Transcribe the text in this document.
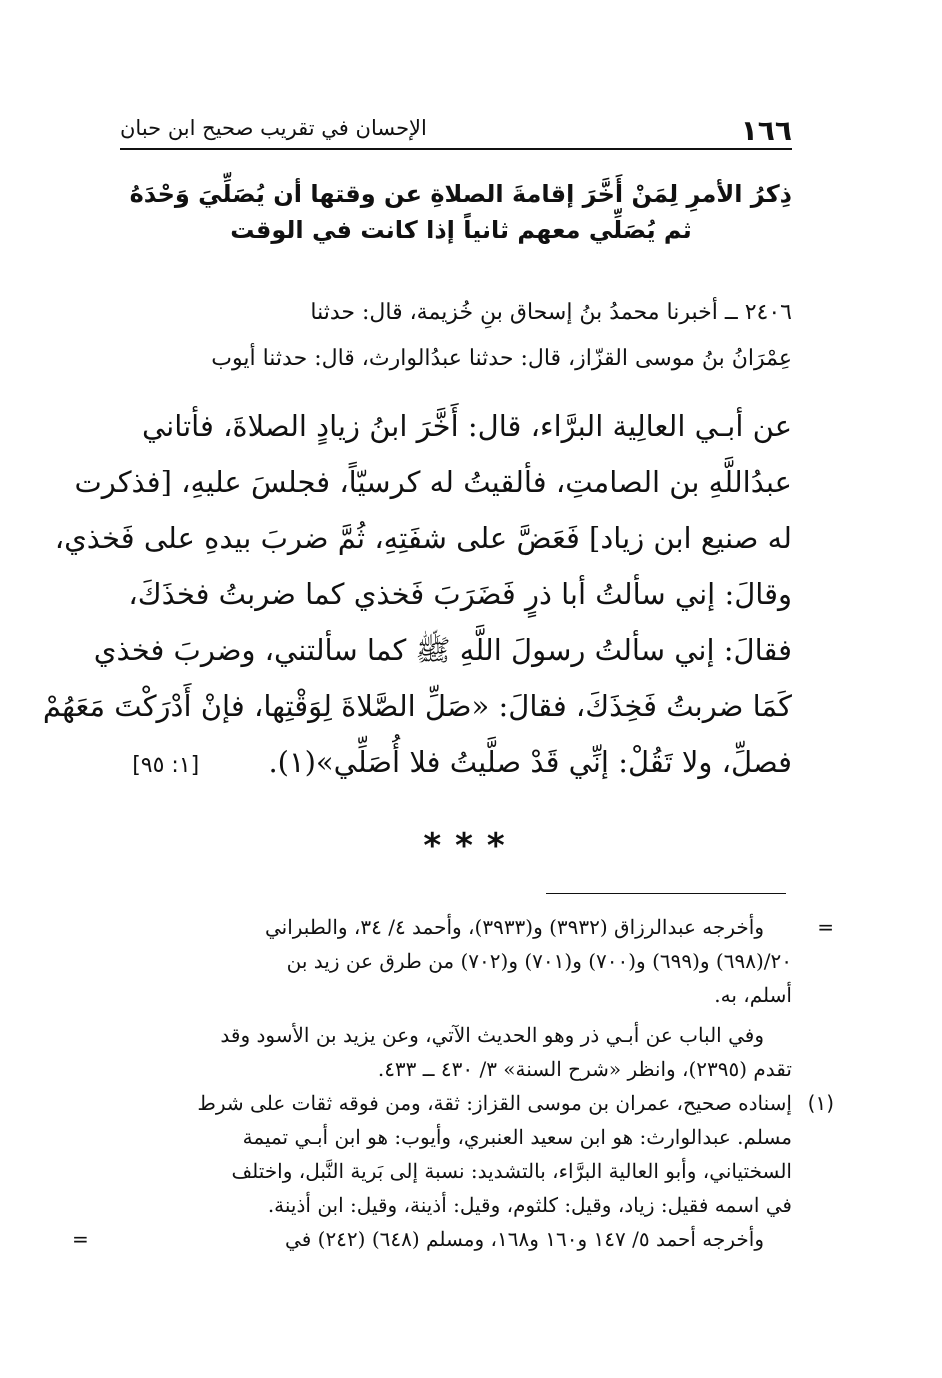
١٦٦
الإحسان في تقريب صحيح ابن حبان
ذِكرُ الأمرِ لِمَنْ أَخَّرَ إقامةَ الصلاةِ عن وقتها أن يُصَلِّيَ وَحْدَهُ
ثم يُصَلِّي معهم ثانياً إذا كانت في الوقت
٢٤٠٦ ــ أخبرنا محمدُ بنُ إسحاق بنِ خُزيمة، قال: حدثنا
عِمْرَانُ بنُ موسى القزّاز، قال: حدثنا عبدُالوارث، قال: حدثنا أيوب
عن أبـي العالِية البرَّاء، قال: أَخَّرَ ابنُ زيادٍ الصلاةَ، فأتاني
عبدُاللَّهِ بن الصامتِ، فألقيتُ له كرسيّاً، فجلسَ عليهِ، [فذكرت
له صنيع ابن زياد] فَعَضَّ على شفَتِهِ، ثُمَّ ضربَ بيدهِ على فَخذي،
وقالَ: إني سألتُ أبا ذرٍ فَضَرَبَ فَخذي كما ضربتُ فخذَكَ،
فقالَ: إني سألتُ رسولَ اللَّهِ ﷺ كما سألتني، وضربَ فخذي
كَمَا ضربتُ فَخِذَكَ، فقالَ: «صَلِّ الصَّلاةَ لِوَقْتِها، فإنْ أَدْرَكْتَ مَعَهُمْ
فصلِّ، ولا تَقُلْ: إنِّي قَدْ صلَّيتُ فلا أُصَلِّي»(١). [١: ٩٥]
***
=
وأخرجه عبدالرزاق (٣٩٣٢) و(٣٩٣٣)، وأحمد ٤/ ٣٤، والطبراني
٢٠/(٦٩٨) و(٦٩٩) و(٧٠٠) و(٧٠١) و(٧٠٢) من طرق عن زيد بن
أسلم، به.
وفي الباب عن أبـي ذر وهو الحديث الآتي، وعن يزيد بن الأسود وقد
تقدم (٢٣٩٥)، وانظر «شرح السنة» ٣/ ٤٣٠ ــ ٤٣٣.
(١)
إسناده صحيح، عمران بن موسى القزاز: ثقة، ومن فوقه ثقات على شرط
مسلم. عبدالوارث: هو ابن سعيد العنبري، وأيوب: هو ابن أبـي تميمة
السختياني، وأبو العالية البرَّاء، بالتشديد: نسبة إلى بَرية النَّبل، واختلف
في اسمه فقيل: زياد، وقيل: كلثوم، وقيل: أذينة، وقيل: ابن أذينة.
وأخرجه أحمد ٥/ ١٤٧ و١٦٠ و١٦٨، ومسلم (٦٤٨) (٢٤٢) في
=
